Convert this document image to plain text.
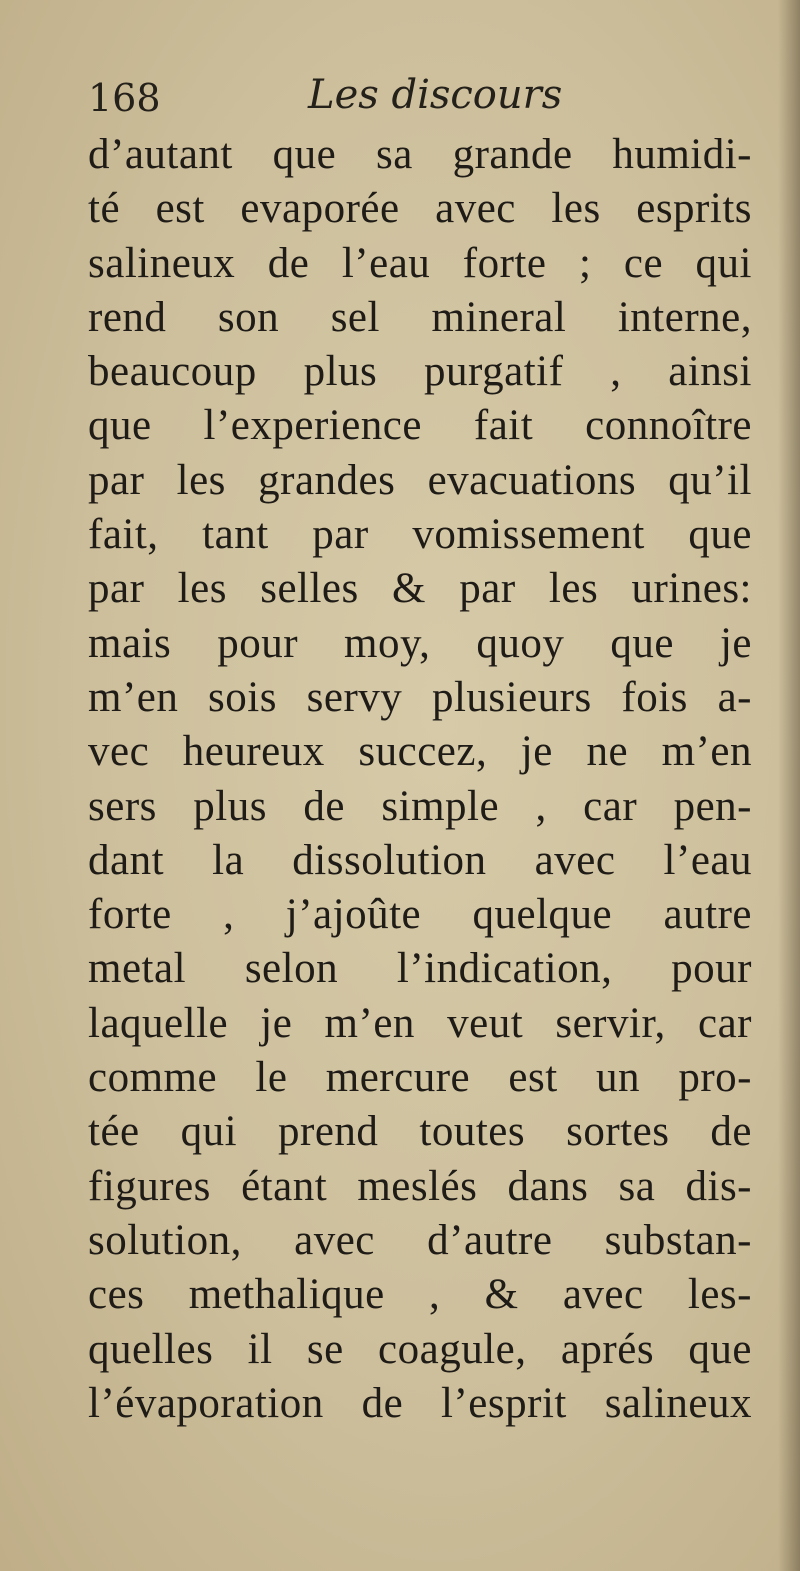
168	Les discours
d’autant que sa grande humidi-
té est evaporée avec les esprits
salineux de l’eau forte ; ce qui
rend son sel mineral interne,
beaucoup plus purgatif , ainsi
que l’experience fait connoître
par les grandes evacuations qu’il
fait, tant par vomissement que
par les selles & par les urines:
mais pour moy, quoy que je
m’en sois servy plusieurs fois a-
vec heureux succez, je ne m’en
sers plus de simple , car pen-
dant la dissolution avec l’eau
forte , j’ajoûte quelque autre
metal selon l’indication, pour
laquelle je m’en veut servir, car
comme le mercure est un pro-
tée qui prend toutes sortes de
figures étant meslés dans sa dis-
solution, avec d’autre substan-
ces methalique , & avec les-
quelles il se coagule, aprés que
l’évaporation de l’esprit salineux
